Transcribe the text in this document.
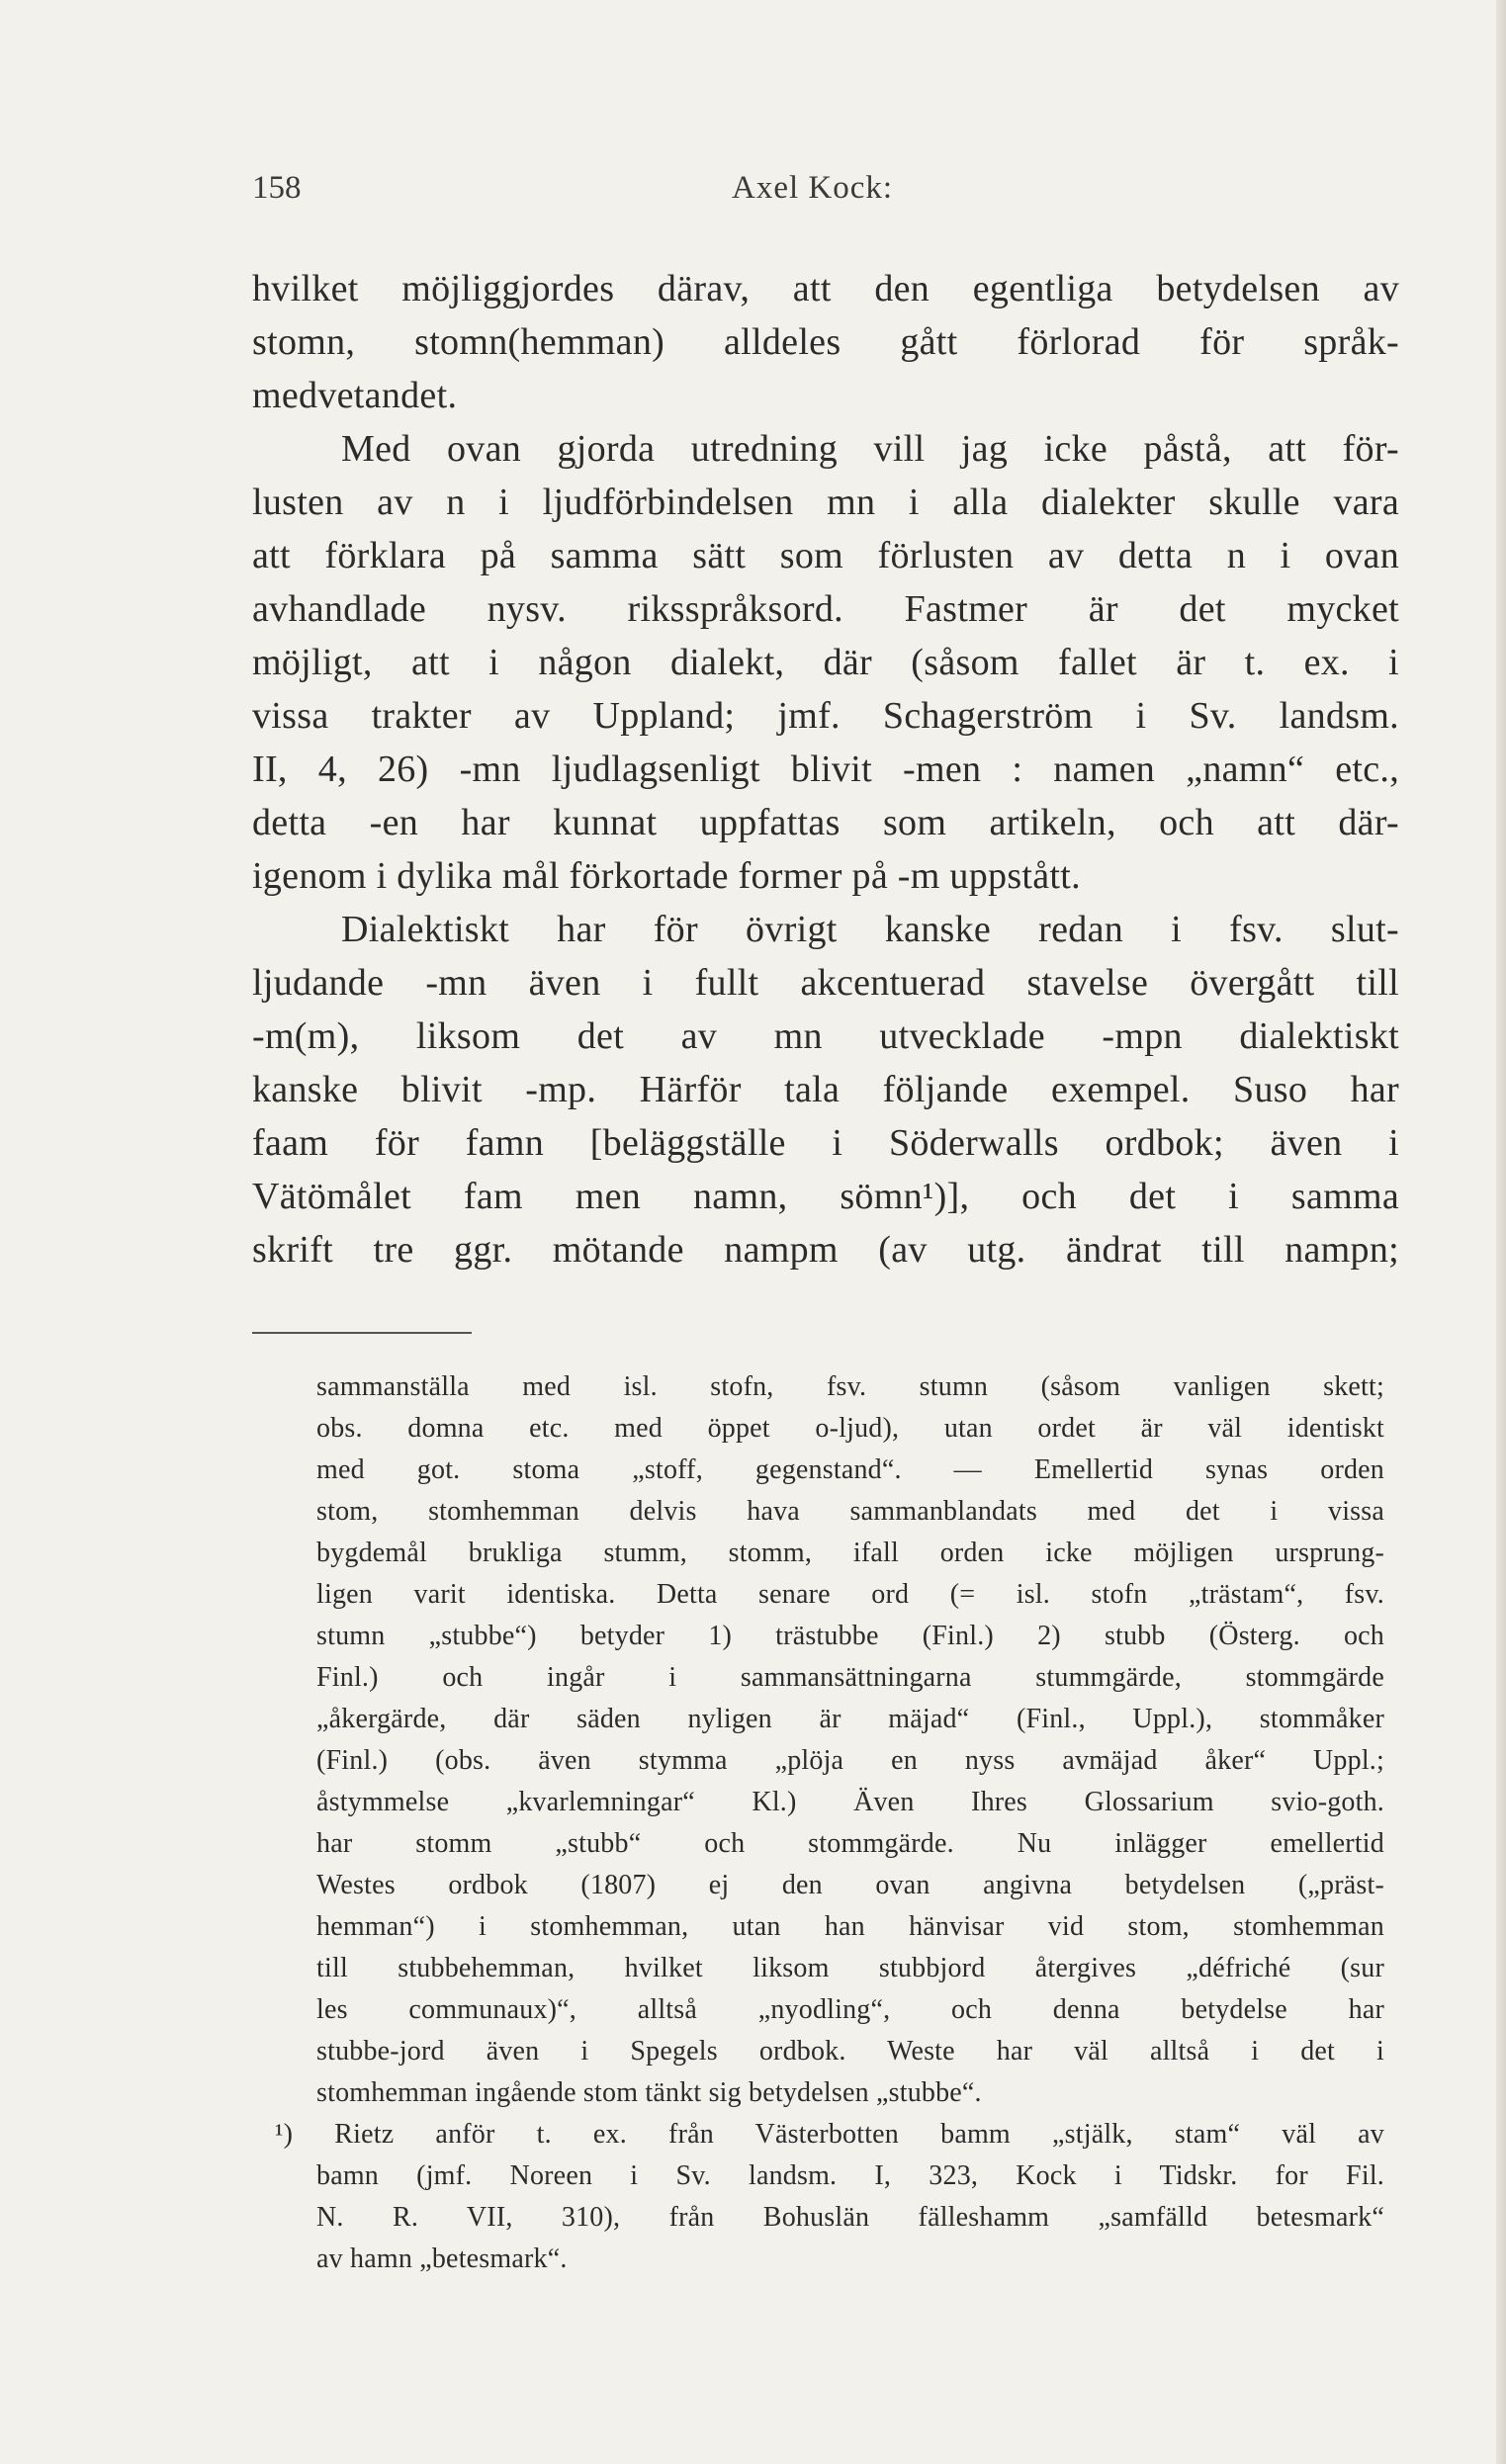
158	Axel Kock:
hvilket möjliggjordes därav, att den egentliga betydelsen av
stomn, stomn(hemman) alldeles gått förlorad för språk-
medvetandet.
Med ovan gjorda utredning vill jag icke påstå, att för-
lusten av n i ljudförbindelsen mn i alla dialekter skulle vara
att förklara på samma sätt som förlusten av detta n i ovan
avhandlade nysv. riksspråksord. Fastmer är det mycket
möjligt, att i någon dialekt, där (såsom fallet är t. ex. i
vissa trakter av Uppland; jmf. Schagerström i Sv. landsm.
II, 4, 26) -mn ljudlagsenligt blivit -men : namen „namn“ etc.,
detta -en har kunnat uppfattas som artikeln, och att där-
igenom i dylika mål förkortade former på -m uppstått.
Dialektiskt har för övrigt kanske redan i fsv. slut-
ljudande -mn även i fullt akcentuerad stavelse övergått till
-m(m), liksom det av mn utvecklade -mpn dialektiskt
kanske blivit -mp. Härför tala följande exempel. Suso har
faam för famn [beläggställe i Söderwalls ordbok; även i
Vätömålet fam men namn, sömn¹)], och det i samma
skrift tre ggr. mötande nampm (av utg. ändrat till nampn;
sammanställa med isl. stofn, fsv. stumn (såsom vanligen skett;
obs. domna etc. med öppet o-ljud), utan ordet är väl identiskt
med got. stoma „stoff, gegenstand“. — Emellertid synas orden
stom, stomhemman delvis hava sammanblandats med det i vissa
bygdemål brukliga stumm, stomm, ifall orden icke möjligen ursprung-
ligen varit identiska. Detta senare ord (= isl. stofn „trästam“, fsv.
stumn „stubbe“) betyder 1) trästubbe (Finl.) 2) stubb (Österg. och
Finl.) och ingår i sammansättningarna stummgärde, stommgärde
„åkergärde, där säden nyligen är mäjad“ (Finl., Uppl.), stommåker
(Finl.) (obs. även stymma „plöja en nyss avmäjad åker“ Uppl.;
åstymmelse „kvarlemningar“ Kl.) Även Ihres Glossarium svio-goth.
har stomm „stubb“ och stommgärde. Nu inlägger emellertid
Westes ordbok (1807) ej den ovan angivna betydelsen („präst-
hemman“) i stomhemman, utan han hänvisar vid stom, stomhemman
till stubbehemman, hvilket liksom stubbjord återgives „défriché (sur
les communaux)“, alltså „nyodling“, och denna betydelse har
stubbe-jord även i Spegels ordbok. Weste har väl alltså i det i
stomhemman ingående stom tänkt sig betydelsen „stubbe“.
¹) Rietz anför t. ex. från Västerbotten bamm „stjälk, stam“ väl av
bamn (jmf. Noreen i Sv. landsm. I, 323, Kock i Tidskr. for Fil.
N. R. VII, 310), från Bohuslän fälleshamm „samfälld betesmark“
av hamn „betesmark“.
